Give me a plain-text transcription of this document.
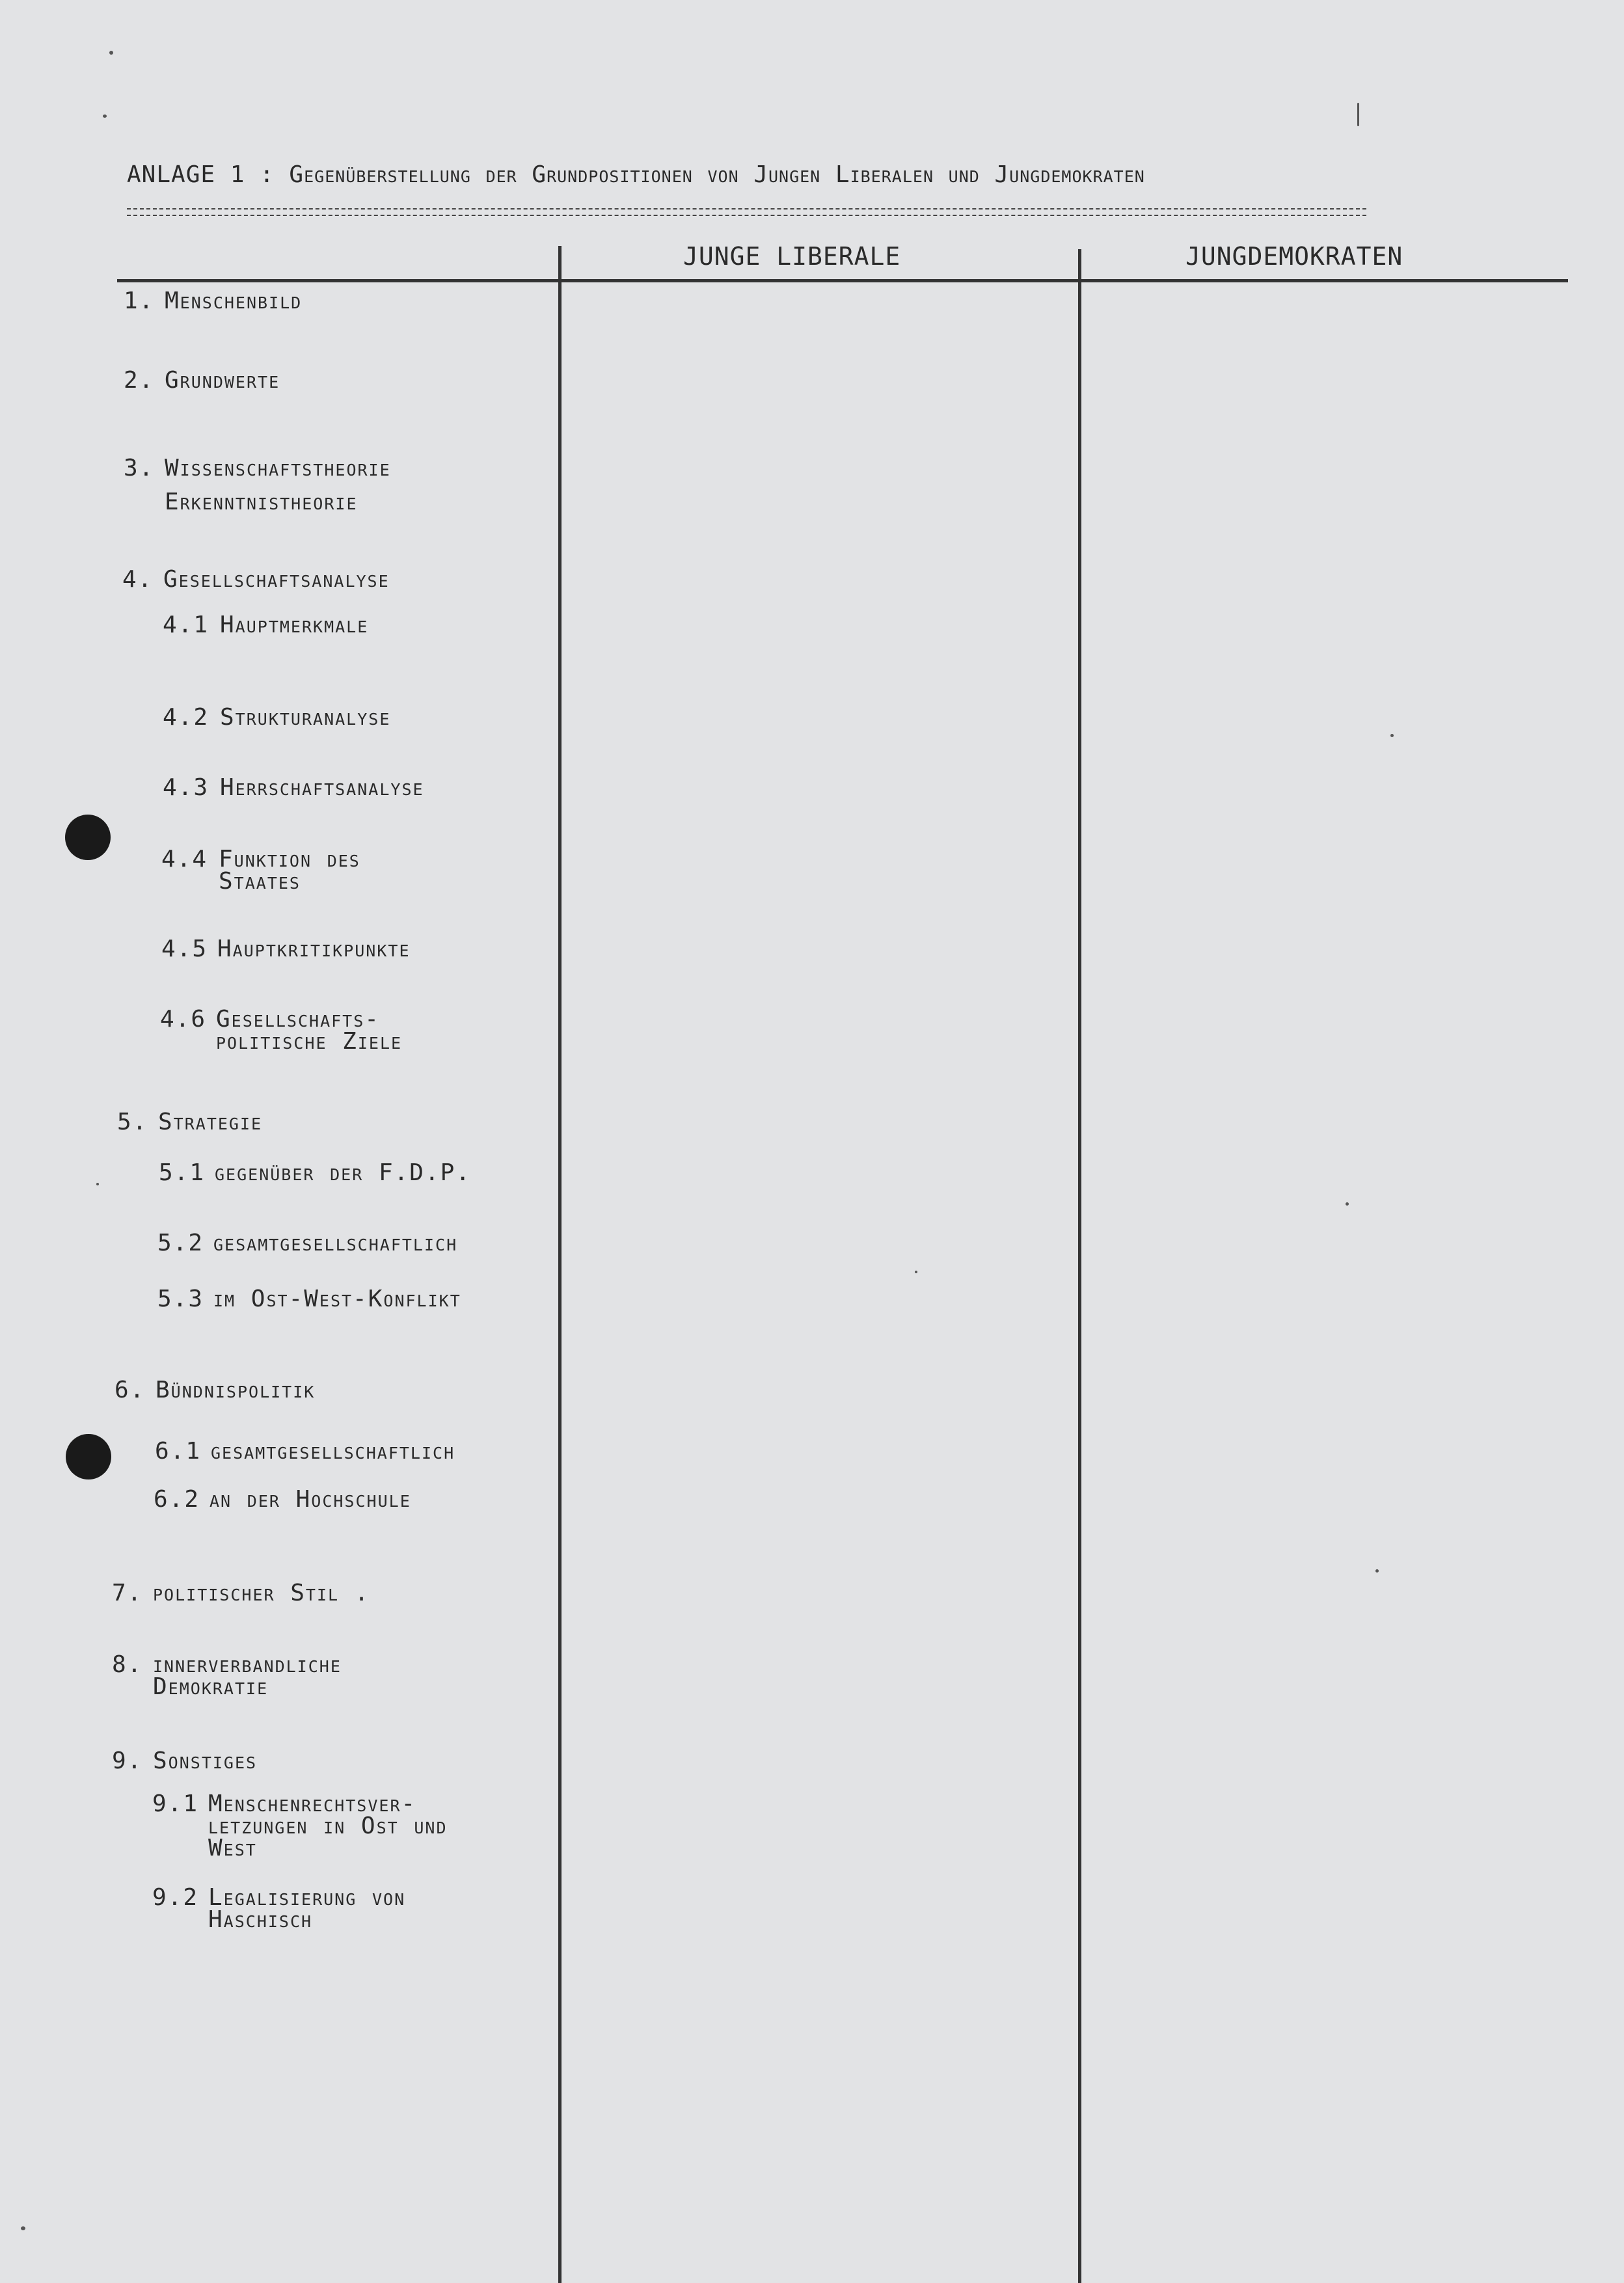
ANLAGE 1 : Gegenüberstellung der Grundpositionen von Jungen Liberalen und Jungdemokraten
JUNGE LIBERALE	JUNGDEMOKRATEN
1. Menschenbild
2. Grundwerte
3. Wissenschaftstheorie
Erkenntnistheorie
4. Gesellschaftsanalyse
4.1 Hauptmerkmale
4.2 Strukturanalyse
4.3 Herrschaftsanalyse
4.4 Funktion des
Staates
4.5 Hauptkritikpunkte
4.6 Gesellschafts-
politische Ziele
5. Strategie
5.1 gegenüber der F.D.P.
5.2 gesamtgesellschaftlich
5.3 im Ost-West-Konflikt
6. Bündnispolitik
6.1 gesamtgesellschaftlich
6.2 an der Hochschule
7. politischer Stil .
8. innerverbandliche
Demokratie
9. Sonstiges
9.1 Menschenrechtsver-
letzungen in Ost und
West
9.2 Legalisierung von
Haschisch
